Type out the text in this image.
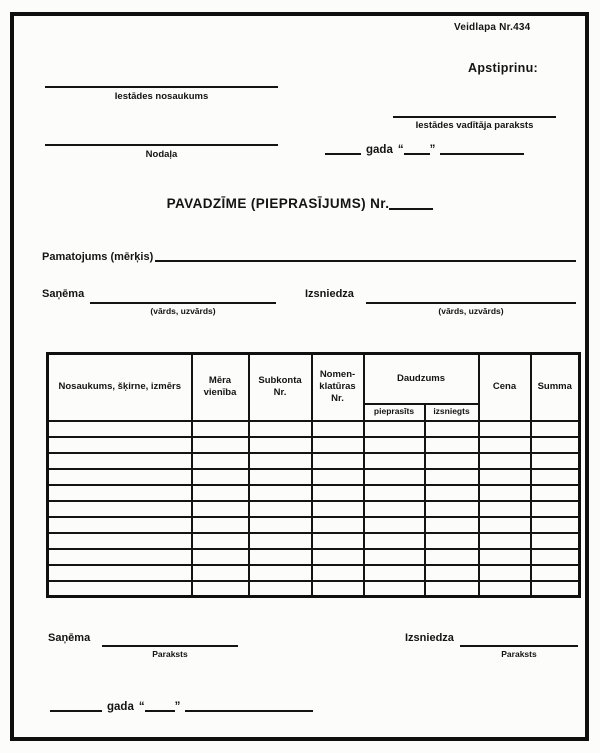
Veidlapa Nr.434
Iestādes nosaukums
Nodaļa
Apstiprinu:
Iestādes vadītāja paraksts
gada “ ”
PAVADZĪME (PIEPRASĪJUMS) Nr.
Pamatojums (mērķis)
Saņēma
(vārds, uzvārds)
Izsniedza
(vārds, uzvārds)
Nosaukums, šķirne, izmērs	Mēra vienība	Subkonta Nr.	Nomen-klatūras Nr.	Daudzums		Cena	Summa
				pieprasīts	izsniegts		

Saņēma
Paraksts
Izsniedza
Paraksts
gada “	”
